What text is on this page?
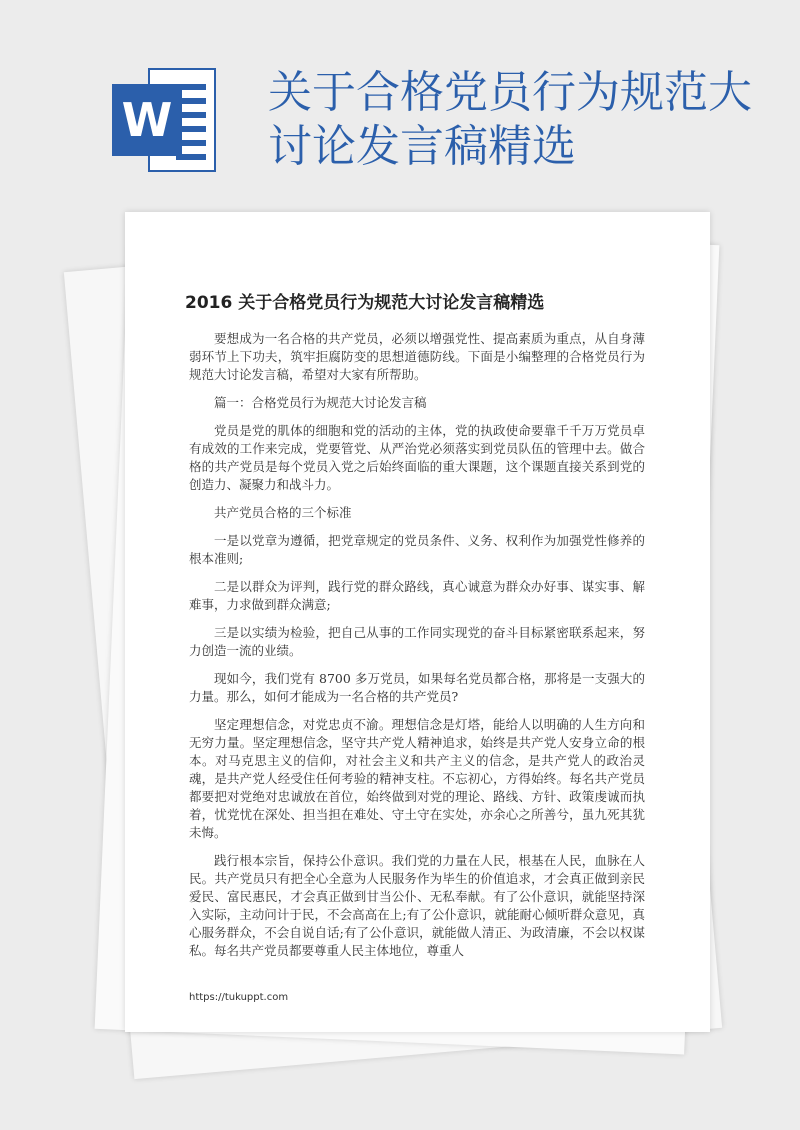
W
关于合格党员行为规范大讨论发言稿精选
2016 关于合格党员行为规范大讨论发言稿精选

要想成为一名合格的共产党员，必须以增强党性、提高素质为重点，从自身薄弱环节上下功夫，筑牢拒腐防变的思想道德防线。下面是小编整理的合格党员行为规范大讨论发言稿，希望对大家有所帮助。

篇一：合格党员行为规范大讨论发言稿

党员是党的肌体的细胞和党的活动的主体，党的执政使命要靠千千万万党员卓有成效的工作来完成，党要管党、从严治党必须落实到党员队伍的管理中去。做合格的共产党员是每个党员入党之后始终面临的重大课题，这个课题直接关系到党的创造力、凝聚力和战斗力。

共产党员合格的三个标准

一是以党章为遵循，把党章规定的党员条件、义务、权利作为加强党性修养的根本准则;

二是以群众为评判，践行党的群众路线，真心诚意为群众办好事、谋实事、解难事，力求做到群众满意;

三是以实绩为检验，把自己从事的工作同实现党的奋斗目标紧密联系起来，努力创造一流的业绩。

现如今，我们党有 8700 多万党员，如果每名党员都合格，那将是一支强大的力量。那么，如何才能成为一名合格的共产党员?

坚定理想信念，对党忠贞不渝。理想信念是灯塔，能给人以明确的人生方向和无穷力量。坚定理想信念，坚守共产党人精神追求，始终是共产党人安身立命的根本。对马克思主义的信仰，对社会主义和共产主义的信念，是共产党人的政治灵魂，是共产党人经受住任何考验的精神支柱。不忘初心，方得始终。每名共产党员都要把对党绝对忠诚放在首位，始终做到对党的理论、路线、方针、政策虔诚而执着，忧党忧在深处、担当担在难处、守土守在实处，亦余心之所善兮，虽九死其犹未悔。

践行根本宗旨，保持公仆意识。我们党的力量在人民，根基在人民，血脉在人民。共产党员只有把全心全意为人民服务作为毕生的价值追求，才会真正做到亲民爱民、富民惠民，才会真正做到甘当公仆、无私奉献。有了公仆意识，就能坚持深入实际，主动问计于民，不会高高在上;有了公仆意识，就能耐心倾听群众意见，真心服务群众，不会自说自话;有了公仆意识，就能做人清正、为政清廉，不会以权谋私。每名共产党员都要尊重人民主体地位，尊重人

https://tukuppt.com
